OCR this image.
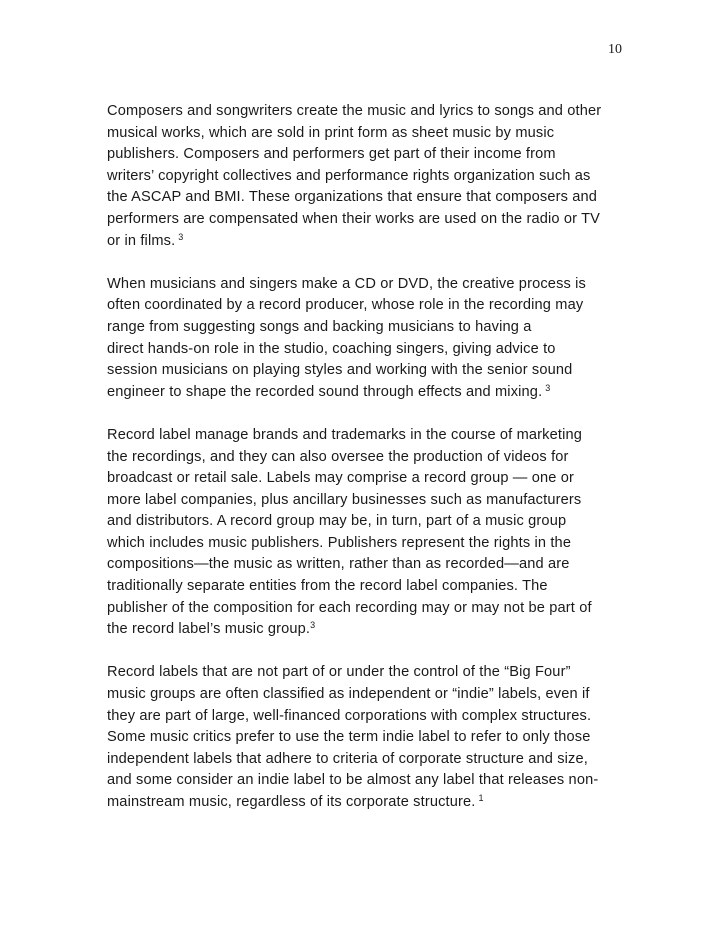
10

Composers and songwriters create the music and lyrics to songs and other
musical works, which are sold in print form as sheet music by music
publishers. Composers and performers get part of their income from
writers’ copyright collectives and performance rights organization such as
the ASCAP and BMI. These organizations that ensure that composers and
performers are compensated when their works are used on the radio or TV
or in films. $^3$

When musicians and singers make a CD or DVD, the creative process is
often coordinated by a record producer, whose role in the recording may
range from suggesting songs and backing musicians to having a
direct hands-on role in the studio, coaching singers, giving advice to
session musicians on playing styles and working with the senior sound
engineer to shape the recorded sound through effects and mixing. $^3$

Record label manage brands and trademarks in the course of marketing
the recordings, and they can also oversee the production of videos for
broadcast or retail sale. Labels may comprise a record group — one or
more label companies, plus ancillary businesses such as manufacturers
and distributors. A record group may be, in turn, part of a music group
which includes music publishers. Publishers represent the rights in the
compositions—the music as written, rather than as recorded—and are
traditionally separate entities from the record label companies. The
publisher of the composition for each recording may or may not be part of
the record label’s music group.$^3$

Record labels that are not part of or under the control of the “Big Four”
music groups are often classified as independent or “indie” labels, even if
they are part of large, well-financed corporations with complex structures.
Some music critics prefer to use the term indie label to refer to only those
independent labels that adhere to criteria of corporate structure and size,
and some consider an indie label to be almost any label that releases non-
mainstream music, regardless of its corporate structure. $^1$
